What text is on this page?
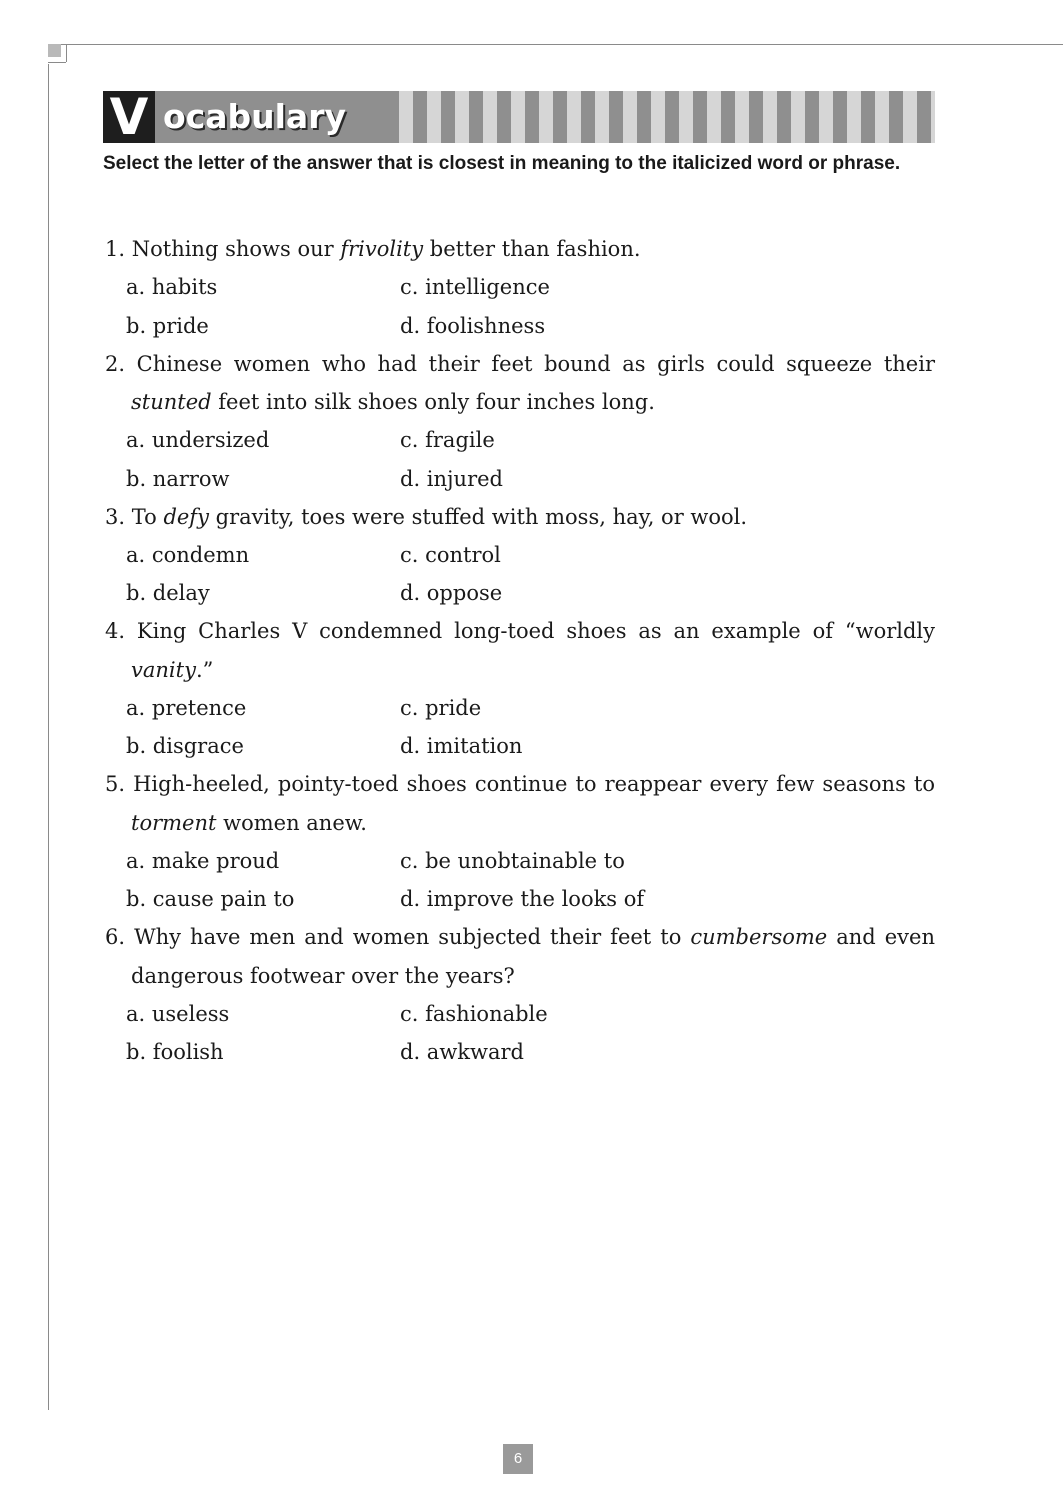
V ocabulary
Select the letter of the answer that is closest in meaning to the italicized word or phrase.
1. Nothing shows our frivolity better than fashion.
a. habits	c. intelligence
b. pride	d. foolishness
2. Chinese women who had their feet bound as girls could squeeze their stunted feet into silk shoes only four inches long.
a. undersized	c. fragile
b. narrow	d. injured
3. To defy gravity, toes were stuffed with moss, hay, or wool.
a. condemn	c. control
b. delay	d. oppose
4. King Charles V condemned long-toed shoes as an example of “worldly vanity.”
a. pretence	c. pride
b. disgrace	d. imitation
5. High-heeled, pointy-toed shoes continue to reappear every few seasons to torment women anew.
a. make proud	c. be unobtainable to
b. cause pain to	d. improve the looks of
6. Why have men and women subjected their feet to cumbersome and even dangerous footwear over the years?
a. useless	c. fashionable
b. foolish	d. awkward
6
